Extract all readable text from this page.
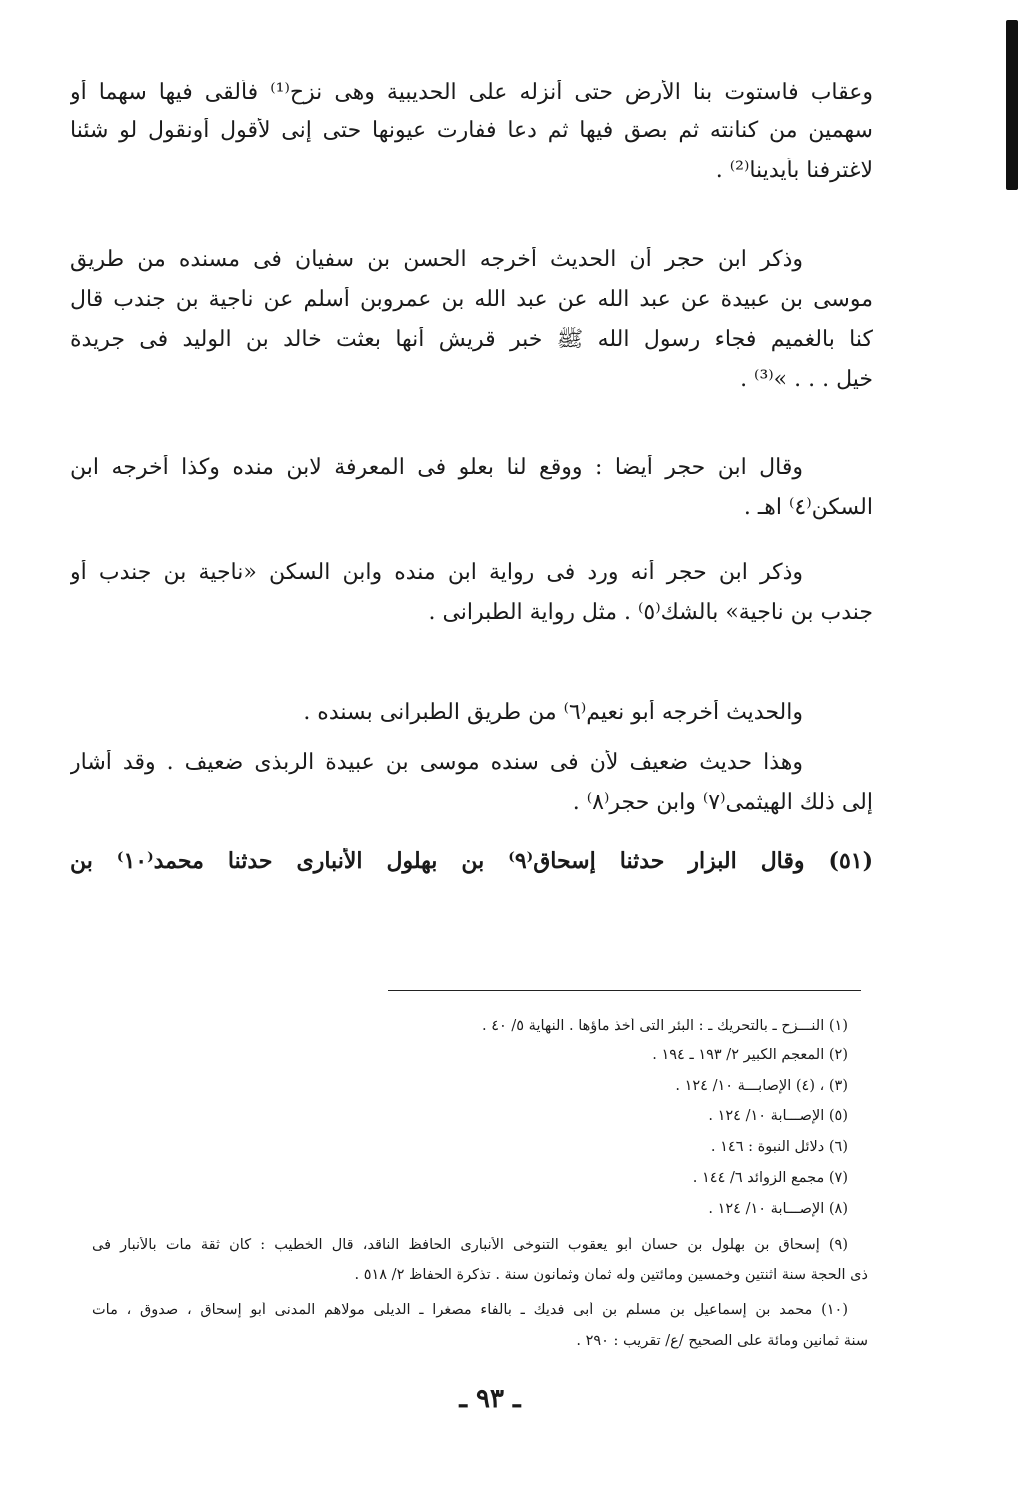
وعقاب فاستوت بنا الأرض حتى أنزله على الحديبية وهى نزح⁽¹⁾ فألقى فيها سهما أو
سهمين من كنانته ثم بصق فيها ثم دعا ففارت عيونها حتى إنى لأقول أونقول لو شئنا
لاغترفنا بأيدينا⁽²⁾ .
وذكر ابن حجر أن الحديث أخرجه الحسن بن سفيان فى مسنده من طريق
موسى بن عبيدة عن عبد الله عن عبد الله بن عمروبن أسلم عن ناجية بن جندب قال
كنا بالغميم فجاء رسول الله ﷺ خبر قريش أنها بعثت خالد بن الوليد فى جريدة
خيل . . . »⁽³⁾ .
وقال ابن حجر أيضا : ووقع لنا بعلو فى المعرفة لابن منده وكذا أخرجه ابن
السكن⁽٤⁾ اهـ .
وذكر ابن حجر أنه ورد فى رواية ابن منده وابن السكن «ناجية بن جندب أو
جندب بن ناجية» بالشك⁽٥⁾ . مثل رواية الطبرانى .
والحديث أخرجه أبو نعيم⁽٦⁾ من طريق الطبرانى بسنده .
وهذا حديث ضعيف لأن فى سنده موسى بن عبيدة الربذى ضعيف . وقد أشار
إلى ذلك الهيثمى⁽٧⁾ وابن حجر⁽٨⁾ .
(٥١) وقال البزار حدثنا إسحاق⁽٩⁾ بن بهلول الأنبارى حدثنا محمد⁽١٠⁾ بن
(١) النـــزح ـ بالتحريك ـ : البئر التى أخذ ماؤها . النهاية ٥/ ٤٠ .
(٢) المعجم الكبير ٢/ ١٩٣ ـ ١٩٤ .
(٣) ، (٤) الإصابـــة ١٠/ ١٢٤ .
(٥) الإصـــابة ١٠/ ١٢٤ .
(٦) دلائل النبوة : ١٤٦ .
(٧) مجمع الزوائد ٦/ ١٤٤ .
(٨) الإصـــابة ١٠/ ١٢٤ .
(٩) إسحاق بن بهلول بن حسان أبو يعقوب التنوخى الأنبارى الحافظ الناقد، قال الخطيب : كان ثقة مات بالأنبار فى
ذى الحجة سنة اثنتين وخمسين ومائتين وله ثمان وثمانون سنة . تذكرة الحفاظ ٢/ ٥١٨ .
(١٠) محمد بن إسماعيل بن مسلم بن أبى فديك ـ بالفاء مصغرا ـ الديلى مولاهم المدنى أبو إسحاق ، صدوق ، مات
سنة ثمانين ومائة على الصحيح /ع/ تقريب : ٢٩٠ .
ـ ٩٣ ـ
